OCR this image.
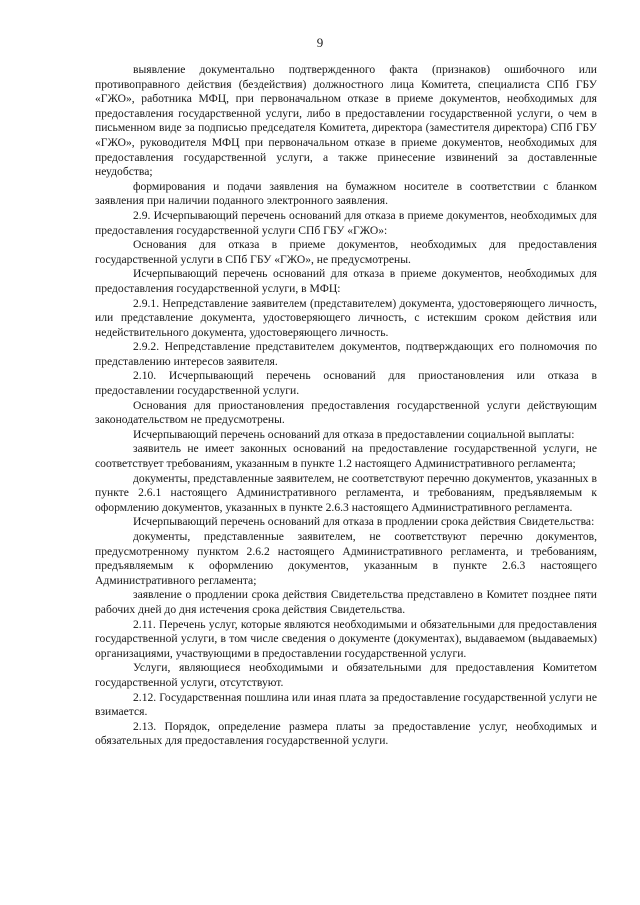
9

выявление документально подтвержденного факта (признаков) ошибочного или противоправного действия (бездействия) должностного лица Комитета, специалиста СПб ГБУ «ГЖО», работника МФЦ, при первоначальном отказе в приеме документов, необходимых для предоставления государственной услуги, либо в предоставлении государственной услуги, о чем в письменном виде за подписью председателя Комитета, директора (заместителя директора) СПб ГБУ «ГЖО», руководителя МФЦ при первоначальном отказе в приеме документов, необходимых для предоставления государственной услуги, а также принесение извинений за доставленные неудобства;

формирования и подачи заявления на бумажном носителе в соответствии с бланком заявления при наличии поданного электронного заявления.

2.9. Исчерпывающий перечень оснований для отказа в приеме документов, необходимых для предоставления государственной услуги СПб ГБУ «ГЖО»:

Основания для отказа в приеме документов, необходимых для предоставления государственной услуги в СПб ГБУ «ГЖО», не предусмотрены.

Исчерпывающий перечень оснований для отказа в приеме документов, необходимых для предоставления государственной услуги, в МФЦ:

2.9.1. Непредставление заявителем (представителем) документа, удостоверяющего личность, или представление документа, удостоверяющего личность, с истекшим сроком действия или недействительного документа, удостоверяющего личность.

2.9.2. Непредставление представителем документов, подтверждающих его полномочия по представлению интересов заявителя.

2.10. Исчерпывающий перечень оснований для приостановления или отказа в предоставлении государственной услуги.

Основания для приостановления предоставления государственной услуги действующим законодательством не предусмотрены.

Исчерпывающий перечень оснований для отказа в предоставлении социальной выплаты:

заявитель не имеет законных оснований на предоставление государственной услуги, не соответствует требованиям, указанным в пункте 1.2 настоящего Административного регламента;

документы, представленные заявителем, не соответствуют перечню документов, указанных в пункте 2.6.1 настоящего Административного регламента, и требованиям, предъявляемым к оформлению документов, указанных в пункте 2.6.3 настоящего Административного регламента.

Исчерпывающий перечень оснований для отказа в продлении срока действия Свидетельства:

документы, представленные заявителем, не соответствуют перечню документов, предусмотренному пунктом 2.6.2 настоящего Административного регламента, и требованиям, предъявляемым к оформлению документов, указанным в пункте 2.6.3 настоящего Административного регламента;

заявление о продлении срока действия Свидетельства представлено в Комитет позднее пяти рабочих дней до дня истечения срока действия Свидетельства.

2.11. Перечень услуг, которые являются необходимыми и обязательными для предоставления государственной услуги, в том числе сведения о документе (документах), выдаваемом (выдаваемых) организациями, участвующими в предоставлении государственной услуги.

Услуги, являющиеся необходимыми и обязательными для предоставления Комитетом государственной услуги, отсутствуют.

2.12. Государственная пошлина или иная плата за предоставление государственной услуги не взимается.

2.13. Порядок, определение размера платы за предоставление услуг, необходимых и обязательных для предоставления государственной услуги.
